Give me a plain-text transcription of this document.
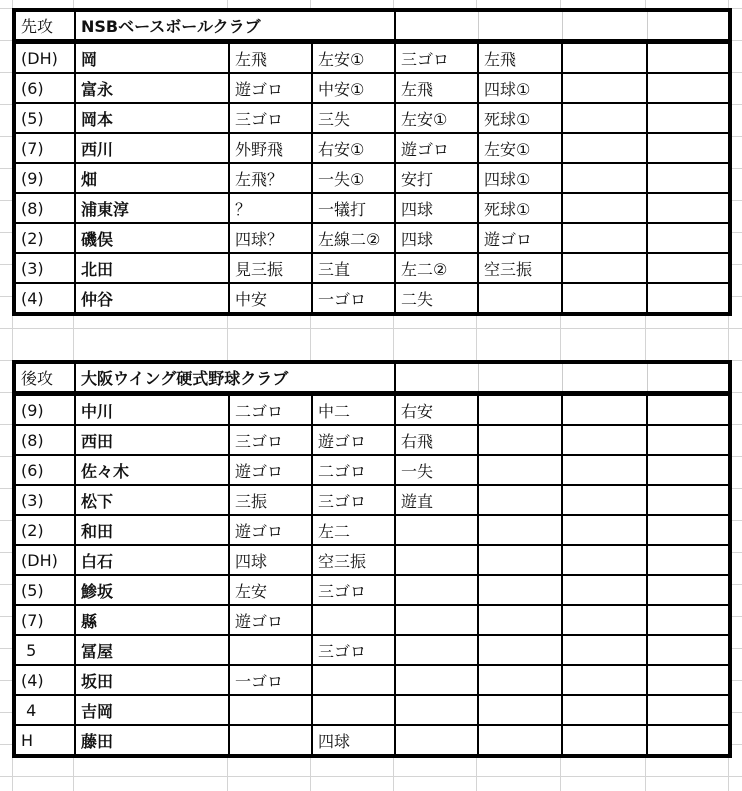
先攻	NSBベースボールクラブ						
(DH)	岡	左飛	左安①	三ゴロ	左飛		
(6)	富永	遊ゴロ	中安①	左飛	四球①		
(5)	岡本	三ゴロ	三失	左安①	死球①		
(7)	西川	外野飛	右安①	遊ゴロ	左安①		
(9)	畑	左飛？	一失①	安打	四球①		
(8)	浦東淳	？	一犠打	四球	死球①		
(2)	磯俣	四球？	左線二②	四球	遊ゴロ		
(3)	北田	見三振	三直	左二②	空三振		
(4)	仲谷	中安	一ゴロ	二失			
後攻	大阪ウイング硬式野球クラブ						
(9)	中川	二ゴロ	中二	右安			
(8)	西田	三ゴロ	遊ゴロ	右飛			
(6)	佐々木	遊ゴロ	二ゴロ	一失			
(3)	松下	三振	三ゴロ	遊直			
(2)	和田	遊ゴロ	左二				
(DH)	白石	四球	空三振				
(5)	鯵坂	左安	三ゴロ				
(7)	縣	遊ゴロ					
5	冨屋		三ゴロ				
(4)	坂田	一ゴロ					
4	吉岡						
H	藤田		四球				
